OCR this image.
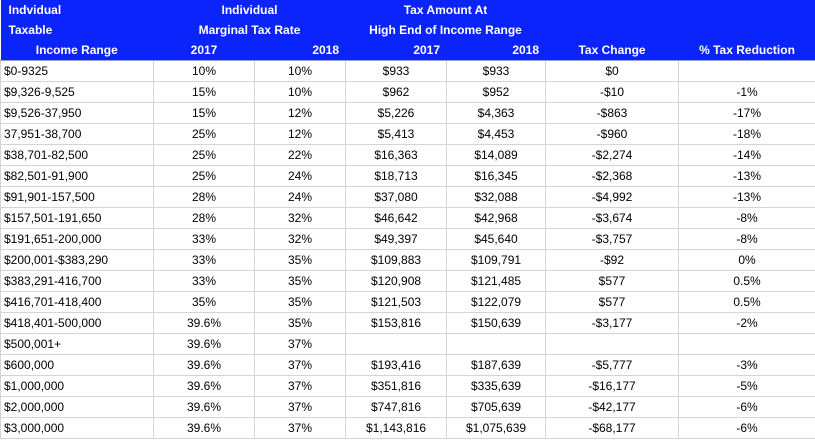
Indvidual	Individual		Tax Amount At			
Taxable	Marginal Tax Rate		High End of Income Range			
Income Range	2017	2018	2017	2018	Tax Change	% Tax Reduction
$0-9325	10%	10%	$933	$933	$0	
$9,326-9,525	15%	10%	$962	$952	-$10	-1%
$9,526-37,950	15%	12%	$5,226	$4,363	-$863	-17%
37,951-38,700	25%	12%	$5,413	$4,453	-$960	-18%
$38,701-82,500	25%	22%	$16,363	$14,089	-$2,274	-14%
$82,501-91,900	25%	24%	$18,713	$16,345	-$2,368	-13%
$91,901-157,500	28%	24%	$37,080	$32,088	-$4,992	-13%
$157,501-191,650	28%	32%	$46,642	$42,968	-$3,674	-8%
$191,651-200,000	33%	32%	$49,397	$45,640	-$3,757	-8%
$200,001-$383,290	33%	35%	$109,883	$109,791	-$92	0%
$383,291-416,700	33%	35%	$120,908	$121,485	$577	0.5%
$416,701-418,400	35%	35%	$121,503	$122,079	$577	0.5%
$418,401-500,000	39.6%	35%	$153,816	$150,639	-$3,177	-2%
$500,001+	39.6%	37%				
$600,000	39.6%	37%	$193,416	$187,639	-$5,777	-3%
$1,000,000	39.6%	37%	$351,816	$335,639	-$16,177	-5%
$2,000,000	39.6%	37%	$747,816	$705,639	-$42,177	-6%
$3,000,000	39.6%	37%	$1,143,816	$1,075,639	-$68,177	-6%
